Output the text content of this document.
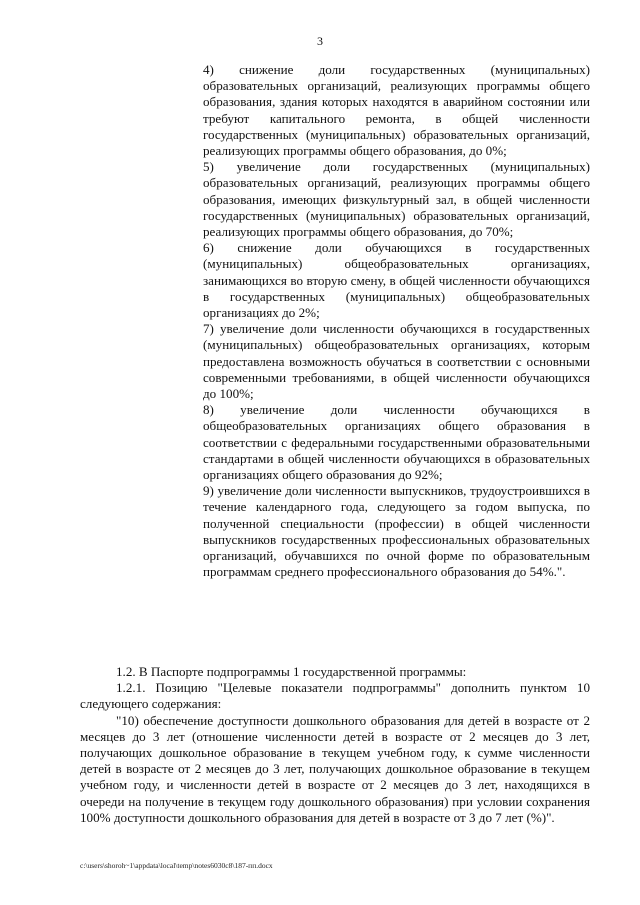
3

4) снижение доли государственных (муниципальных) образовательных организаций, реализующих программы общего образования, здания которых находятся в аварийном состоянии или требуют капитального ремонта, в общей численности государственных (муниципальных) образовательных организаций, реализующих программы общего образования, до 0%;

5) увеличение доли государственных (муниципальных) образовательных организаций, реализующих программы общего образования, имеющих физкультурный зал, в общей численности государственных (муниципальных) образовательных организаций, реализующих программы общего образования, до 70%;

6) снижение доли обучающихся в государственных (муниципальных) общеобразовательных организациях, занимающихся во вторую смену, в общей численности обучающихся в государственных (муниципальных) общеобразовательных организациях до 2%;

7) увеличение доли численности обучающихся в государственных (муниципальных) общеобразовательных организациях, которым предоставлена возможность обучаться в соответствии с основными современными требованиями, в общей численности обучающихся до 100%;

8) увеличение доли численности обучающихся в общеобразовательных организациях общего образования в соответствии с федеральными государственными образовательными стандартами в общей численности обучающихся в образовательных организациях общего образования до 92%;

9) увеличение доли численности выпускников, трудоустроившихся в течение календарного года, следующего за годом выпуска, по полученной специальности (профессии) в общей численности выпускников государственных профессиональных образовательных организаций, обучавшихся по очной форме по образовательным программам среднего профессионального образования до 54%.".

1.2. В Паспорте подпрограммы 1 государственной программы:

1.2.1. Позицию "Целевые показатели подпрограммы" дополнить пунктом 10 следующего содержания:

"10) обеспечение доступности дошкольного образования для детей в возрасте от 2 месяцев до 3 лет (отношение численности детей в возрасте от 2 месяцев до 3 лет, получающих дошкольное образование в текущем учебном году, к сумме численности детей в возрасте от 2 месяцев до 3 лет, получающих дошкольное образование в текущем учебном году, и численности детей в возрасте от 2 месяцев до 3 лет, находящихся в очереди на получение в текущем году дошкольного образования) при условии сохранения 100% доступности дошкольного образования для детей в возрасте от 3 до 7 лет (%)".

c:\users\shoroh~1\appdata\local\temp\notes6030c8\187-пп.docx
